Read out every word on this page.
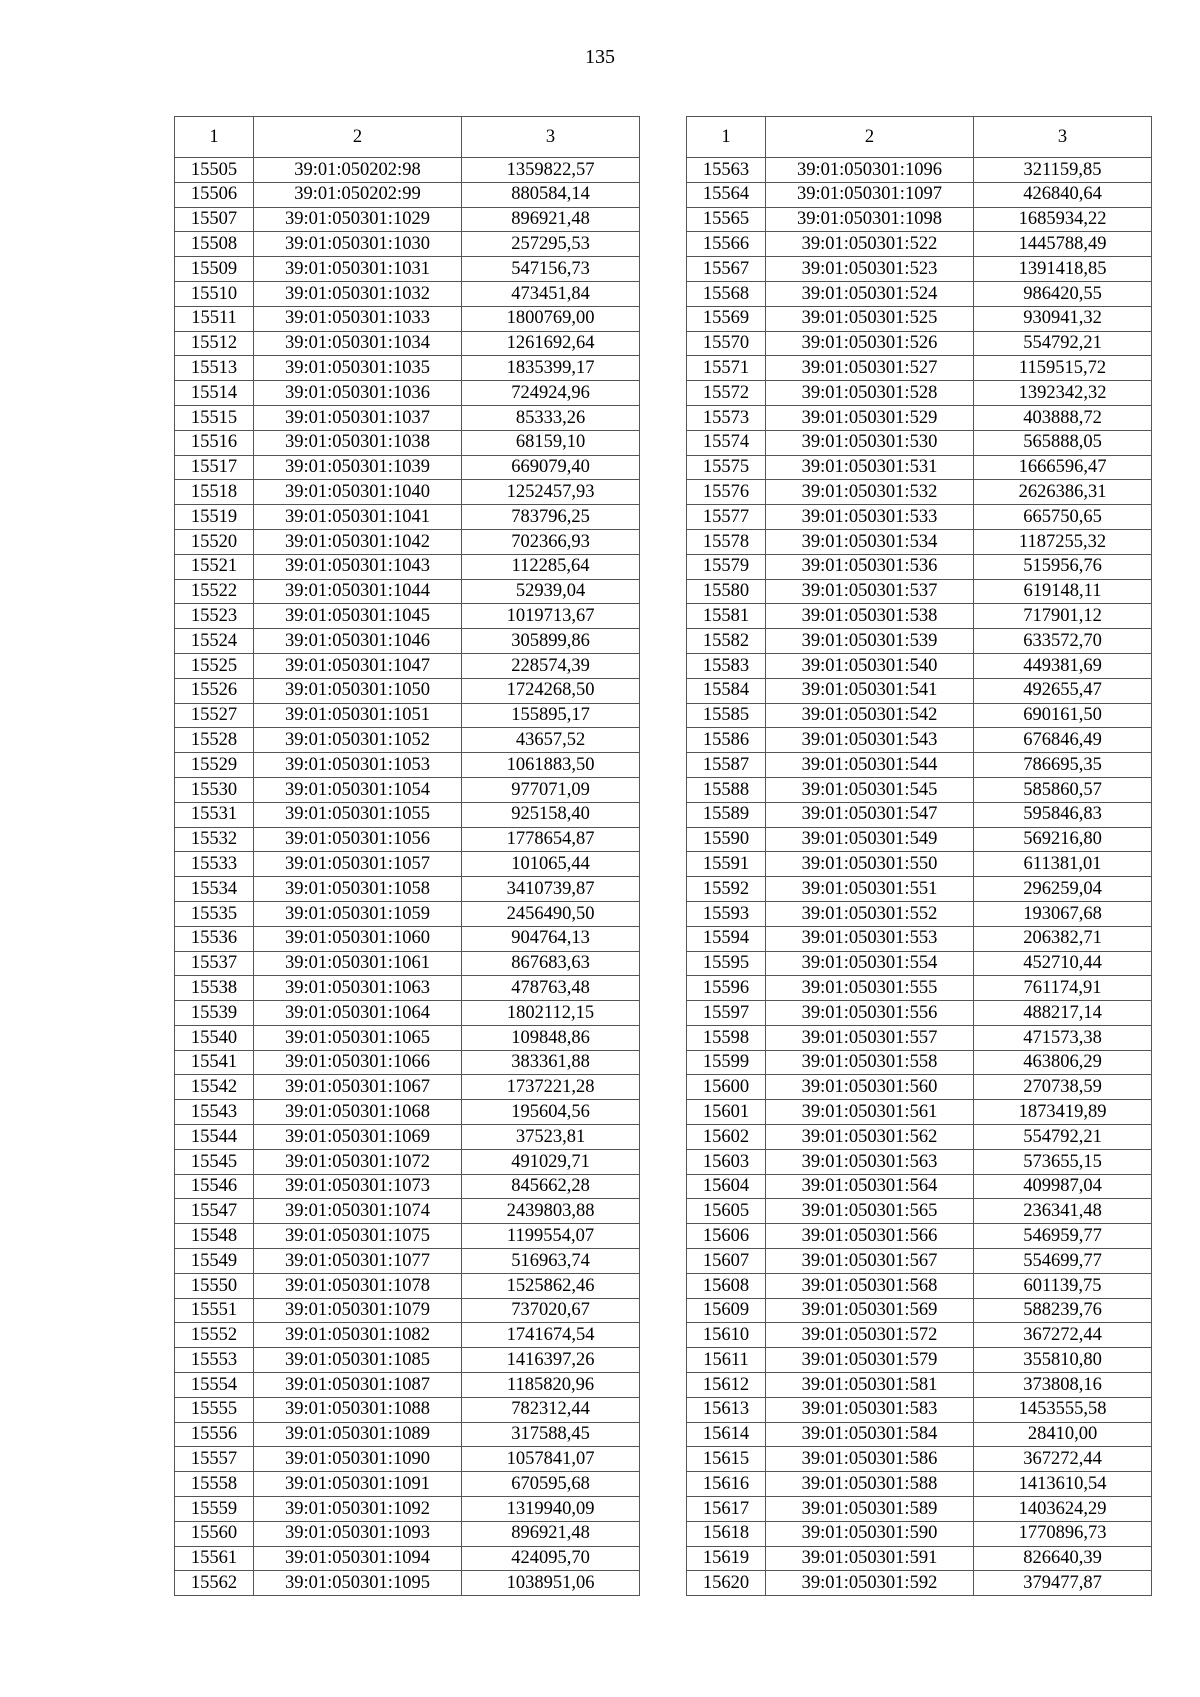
135
1	2	3
15505	39:01:050202:98	1359822,57
15506	39:01:050202:99	880584,14
15507	39:01:050301:1029	896921,48
15508	39:01:050301:1030	257295,53
15509	39:01:050301:1031	547156,73
15510	39:01:050301:1032	473451,84
15511	39:01:050301:1033	1800769,00
15512	39:01:050301:1034	1261692,64
15513	39:01:050301:1035	1835399,17
15514	39:01:050301:1036	724924,96
15515	39:01:050301:1037	85333,26
15516	39:01:050301:1038	68159,10
15517	39:01:050301:1039	669079,40
15518	39:01:050301:1040	1252457,93
15519	39:01:050301:1041	783796,25
15520	39:01:050301:1042	702366,93
15521	39:01:050301:1043	112285,64
15522	39:01:050301:1044	52939,04
15523	39:01:050301:1045	1019713,67
15524	39:01:050301:1046	305899,86
15525	39:01:050301:1047	228574,39
15526	39:01:050301:1050	1724268,50
15527	39:01:050301:1051	155895,17
15528	39:01:050301:1052	43657,52
15529	39:01:050301:1053	1061883,50
15530	39:01:050301:1054	977071,09
15531	39:01:050301:1055	925158,40
15532	39:01:050301:1056	1778654,87
15533	39:01:050301:1057	101065,44
15534	39:01:050301:1058	3410739,87
15535	39:01:050301:1059	2456490,50
15536	39:01:050301:1060	904764,13
15537	39:01:050301:1061	867683,63
15538	39:01:050301:1063	478763,48
15539	39:01:050301:1064	1802112,15
15540	39:01:050301:1065	109848,86
15541	39:01:050301:1066	383361,88
15542	39:01:050301:1067	1737221,28
15543	39:01:050301:1068	195604,56
15544	39:01:050301:1069	37523,81
15545	39:01:050301:1072	491029,71
15546	39:01:050301:1073	845662,28
15547	39:01:050301:1074	2439803,88
15548	39:01:050301:1075	1199554,07
15549	39:01:050301:1077	516963,74
15550	39:01:050301:1078	1525862,46
15551	39:01:050301:1079	737020,67
15552	39:01:050301:1082	1741674,54
15553	39:01:050301:1085	1416397,26
15554	39:01:050301:1087	1185820,96
15555	39:01:050301:1088	782312,44
15556	39:01:050301:1089	317588,45
15557	39:01:050301:1090	1057841,07
15558	39:01:050301:1091	670595,68
15559	39:01:050301:1092	1319940,09
15560	39:01:050301:1093	896921,48
15561	39:01:050301:1094	424095,70
15562	39:01:050301:1095	1038951,06
1	2	3
15563	39:01:050301:1096	321159,85
15564	39:01:050301:1097	426840,64
15565	39:01:050301:1098	1685934,22
15566	39:01:050301:522	1445788,49
15567	39:01:050301:523	1391418,85
15568	39:01:050301:524	986420,55
15569	39:01:050301:525	930941,32
15570	39:01:050301:526	554792,21
15571	39:01:050301:527	1159515,72
15572	39:01:050301:528	1392342,32
15573	39:01:050301:529	403888,72
15574	39:01:050301:530	565888,05
15575	39:01:050301:531	1666596,47
15576	39:01:050301:532	2626386,31
15577	39:01:050301:533	665750,65
15578	39:01:050301:534	1187255,32
15579	39:01:050301:536	515956,76
15580	39:01:050301:537	619148,11
15581	39:01:050301:538	717901,12
15582	39:01:050301:539	633572,70
15583	39:01:050301:540	449381,69
15584	39:01:050301:541	492655,47
15585	39:01:050301:542	690161,50
15586	39:01:050301:543	676846,49
15587	39:01:050301:544	786695,35
15588	39:01:050301:545	585860,57
15589	39:01:050301:547	595846,83
15590	39:01:050301:549	569216,80
15591	39:01:050301:550	611381,01
15592	39:01:050301:551	296259,04
15593	39:01:050301:552	193067,68
15594	39:01:050301:553	206382,71
15595	39:01:050301:554	452710,44
15596	39:01:050301:555	761174,91
15597	39:01:050301:556	488217,14
15598	39:01:050301:557	471573,38
15599	39:01:050301:558	463806,29
15600	39:01:050301:560	270738,59
15601	39:01:050301:561	1873419,89
15602	39:01:050301:562	554792,21
15603	39:01:050301:563	573655,15
15604	39:01:050301:564	409987,04
15605	39:01:050301:565	236341,48
15606	39:01:050301:566	546959,77
15607	39:01:050301:567	554699,77
15608	39:01:050301:568	601139,75
15609	39:01:050301:569	588239,76
15610	39:01:050301:572	367272,44
15611	39:01:050301:579	355810,80
15612	39:01:050301:581	373808,16
15613	39:01:050301:583	1453555,58
15614	39:01:050301:584	28410,00
15615	39:01:050301:586	367272,44
15616	39:01:050301:588	1413610,54
15617	39:01:050301:589	1403624,29
15618	39:01:050301:590	1770896,73
15619	39:01:050301:591	826640,39
15620	39:01:050301:592	379477,87
